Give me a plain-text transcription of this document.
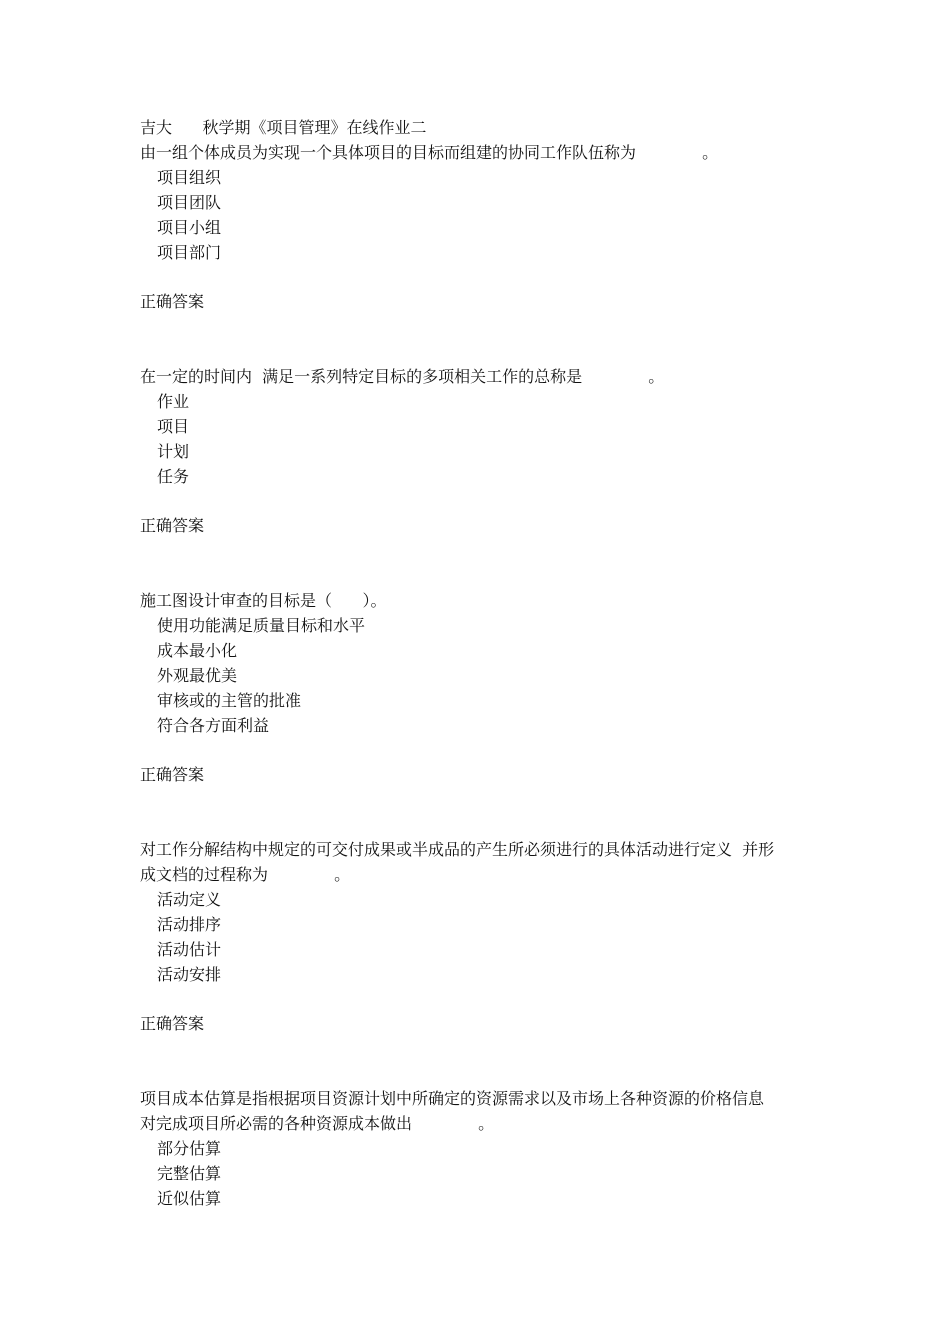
吉大      秋学期《项目管理》在线作业二
由一组个体成员为实现一个具体项目的目标而组建的协同工作队伍称为             。
项目组织
项目团队
项目小组
项目部门
正确答案
在一定的时间内  满足一系列特定目标的多项相关工作的总称是             。
作业
项目
计划
任务
正确答案
施工图设计审查的目标是（      ）。
使用功能满足质量目标和水平
成本最小化
外观最优美
审核或的主管的批准
符合各方面利益
正确答案
对工作分解结构中规定的可交付成果或半成品的产生所必须进行的具体活动进行定义  并形
成文档的过程称为             。
活动定义
活动排序
活动估计
活动安排
正确答案
项目成本估算是指根据项目资源计划中所确定的资源需求以及市场上各种资源的价格信息
对完成项目所必需的各种资源成本做出             。
部分估算
完整估算
近似估算
